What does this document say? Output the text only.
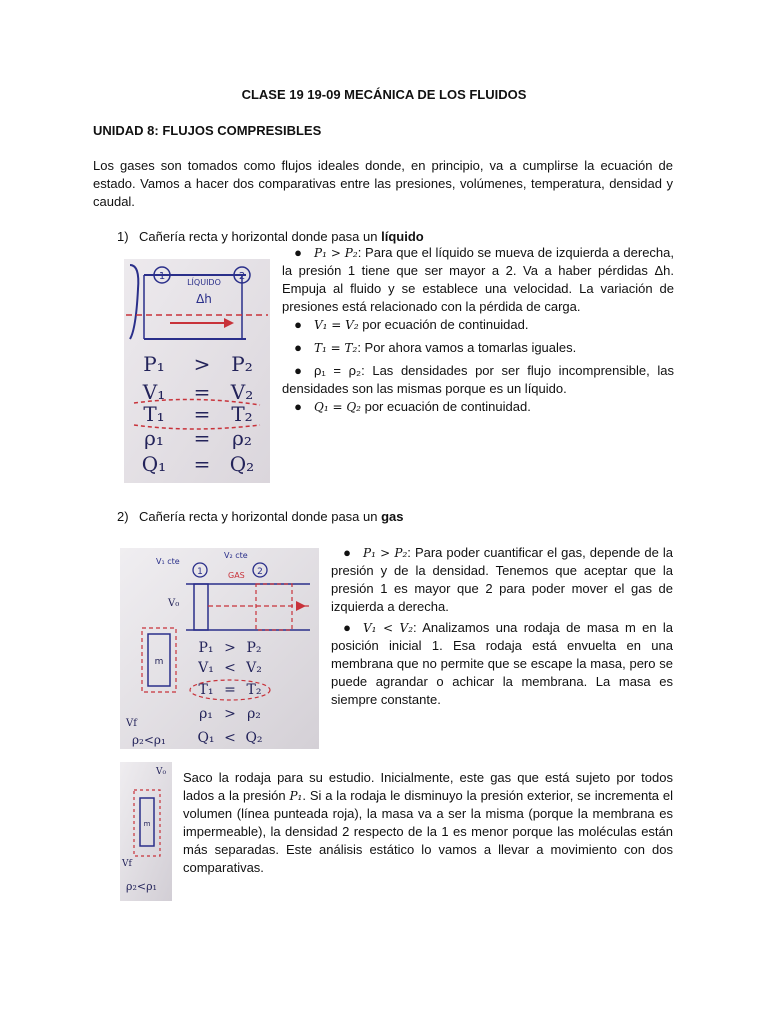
CLASE 19 19-09 MECÁNICA DE LOS FLUIDOS
UNIDAD 8: FLUJOS COMPRESIBLES
Los gases son tomados como flujos ideales donde, en principio, va a cumplirse la ecuación de estado. Vamos a hacer dos comparativas entre las presiones, volúmenes, temperatura, densidad y caudal.
1) Cañería recta y horizontal donde pasa un líquido
1	2
LÍQUIDO
Δh
P₁ > P₂
V₁ = V₂
T₁ = T₂
ρ₁ = ρ₂
Q₁ = Q₂
● P₁ > P₂: Para que el líquido se mueva de izquierda a derecha, la presión 1 tiene que ser mayor a 2. Va a haber pérdidas Δh. Empuja al fluido y se establece una velocidad. La variación de presiones está relacionado con la pérdida de carga.
● V₁ = V₂ por ecuación de continuidad.
● T₁ = T₂: Por ahora vamos a tomarlas iguales.
● ρ₁ = ρ₂: Las densidades por ser flujo incomprensible, las densidades son las mismas porque es un líquido.
● Q₁ = Q₂ por ecuación de continuidad.
2) Cañería recta y horizontal donde pasa un gas
1	2
V₁ cte
V₂ cte
GAS
V₀
m
Vf
ρ₂<ρ₁
P₁ > P₂
V₁ < V₂
T₁ = T₂
ρ₁ > ρ₂
Q₁ < Q₂
● P₁ > P₂: Para poder cuantificar el gas, depende de la presión y de la densidad. Tenemos que aceptar que la presión 1 es mayor que 2 para poder mover el gas de izquierda a derecha.
● V₁ < V₂: Analizamos una rodaja de masa m en la posición inicial 1. Esa rodaja está envuelta en una membrana que no permite que se escape la masa, pero se puede agrandar o achicar la membrana. La masa es siempre constante.
V₀
m
Vf
ρ₂<ρ₁
Saco la rodaja para su estudio. Inicialmente, este gas que está sujeto por todos lados a la presión P₁. Si a la rodaja le disminuyo la presión exterior, se incrementa el volumen (línea punteada roja), la masa va a ser la misma (porque la membrana es impermeable), la densidad 2 respecto de la 1 es menor porque las moléculas están más separadas. Este análisis estático lo vamos a llevar a movimiento con dos comparativas.
